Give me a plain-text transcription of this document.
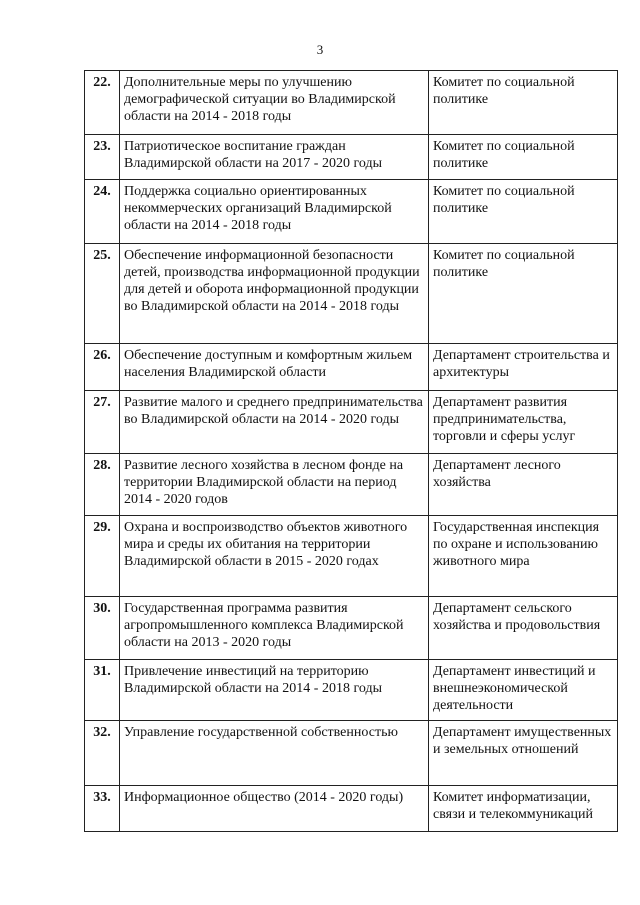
3
22.	Дополнительные меры по улучшению демографической ситуации во Владимирской области на 2014 - 2018 годы	Комитет по социальной политике
23.	Патриотическое воспитание граждан Владимирской области на 2017 - 2020 годы	Комитет по социальной политике
24.	Поддержка социально ориентированных некоммерческих организаций Владимирской области на 2014 - 2018 годы	Комитет по социальной политике
25.	Обеспечение информационной безопасности детей, производства информационной продукции для детей и оборота информационной продукции во Владимирской области на 2014 - 2018 годы	Комитет по социальной политике
26.	Обеспечение доступным и комфортным жильем населения Владимирской области	Департамент строительства и архитектуры
27.	Развитие малого и среднего предпринимательства во Владимирской области на 2014 - 2020 годы	Департамент развития предпринимательства, торговли и сферы услуг
28.	Развитие лесного хозяйства в лесном фонде на территории Владимирской области на период 2014 - 2020 годов	Департамент лесного хозяйства
29.	Охрана и воспроизводство объектов животного мира и среды их обитания на территории Владимирской области в 2015 - 2020 годах	Государственная инспекция по охране и использованию животного мира
30.	Государственная программа развития агропромышленного комплекса Владимирской области на 2013 - 2020 годы	Департамент сельского хозяйства и продовольствия
31.	Привлечение инвестиций на территорию Владимирской области на 2014 - 2018 годы	Департамент инвестиций и внешнеэкономической деятельности
32.	Управление государственной собственностью	Департамент имущественных и земельных отношений
33.	Информационное общество (2014 - 2020 годы)	Комитет информатизации, связи и телекоммуникаций
